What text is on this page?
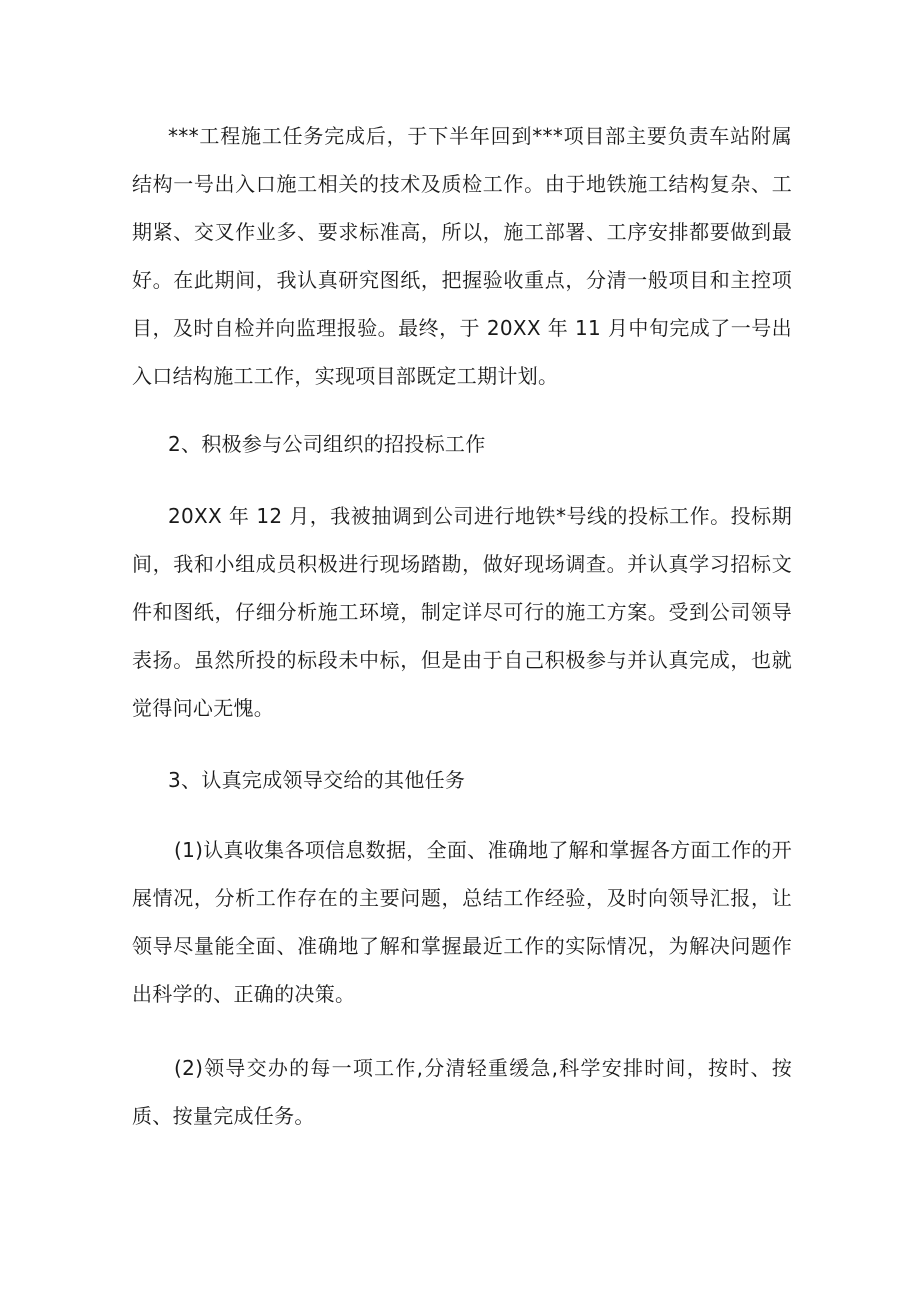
***工程施工任务完成后，于下半年回到***项目部主要负责车站附属结构一号出入口施工相关的技术及质检工作。由于地铁施工结构复杂、工期紧、交叉作业多、要求标准高，所以，施工部署、工序安排都要做到最好。在此期间，我认真研究图纸，把握验收重点，分清一般项目和主控项目，及时自检并向监理报验。最终，于 20XX 年 11 月中旬完成了一号出入口结构施工工作，实现项目部既定工期计划。

2、积极参与公司组织的招投标工作

20XX 年 12 月，我被抽调到公司进行地铁*号线的投标工作。投标期间，我和小组成员积极进行现场踏勘，做好现场调查。并认真学习招标文件和图纸，仔细分析施工环境，制定详尽可行的施工方案。受到公司领导表扬。虽然所投的标段未中标，但是由于自己积极参与并认真完成，也就觉得问心无愧。

3、认真完成领导交给的其他任务

(1)认真收集各项信息数据，全面、准确地了解和掌握各方面工作的开展情况，分析工作存在的主要问题，总结工作经验，及时向领导汇报，让领导尽量能全面、准确地了解和掌握最近工作的实际情况，为解决问题作出科学的、正确的决策。

(2)领导交办的每一项工作,分清轻重缓急,科学安排时间，按时、按质、按量完成任务。
